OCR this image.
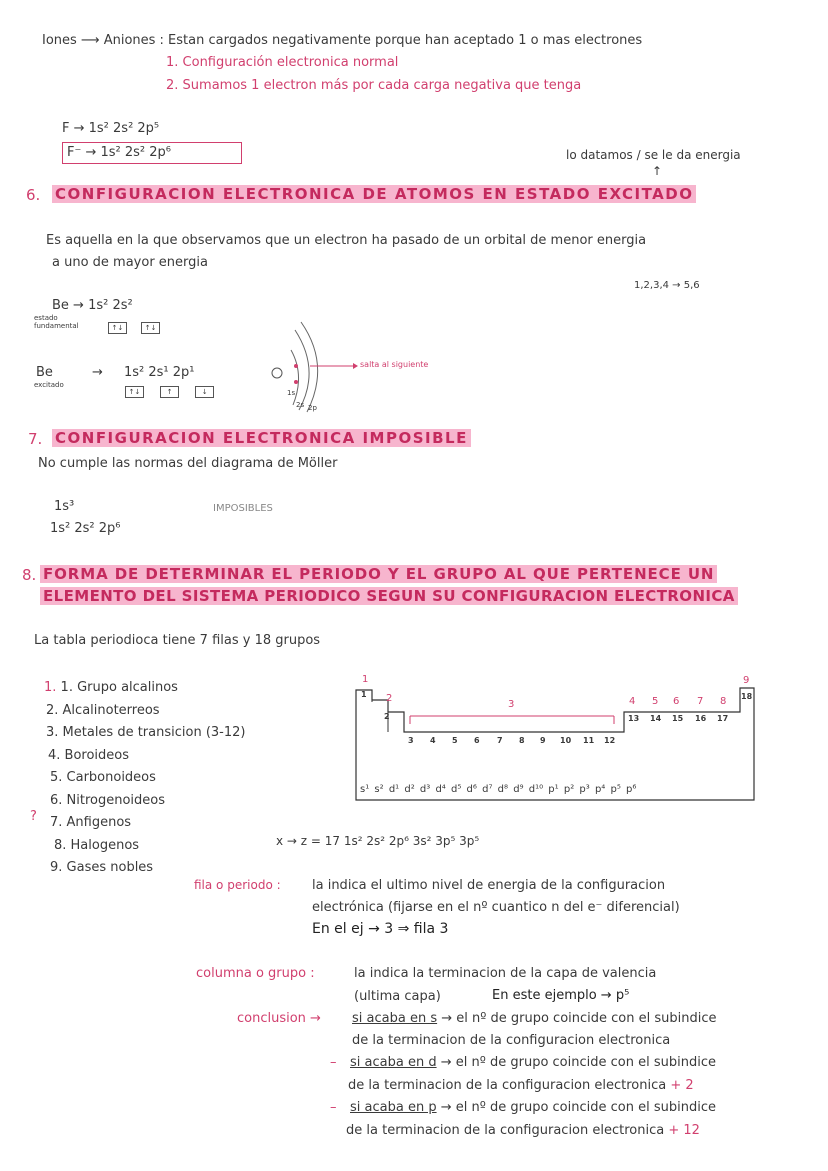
Iones ⟶ Aniones : Estan cargados negativamente porque han aceptado 1 o mas electrones
1. Configuración electronica normal
2. Sumamos 1 electron más por cada carga negativa que tenga
F → 1s² 2s² 2p⁵
F⁻ → 1s² 2s² 2p⁶	lo datamos / se le da energia
↑
6. CONFIGURACION ELECTRONICA DE ATOMOS EN ESTADO EXCITADO
Es aquella en la que observamos que un electron ha pasado de un orbital de menor energia
a uno de mayor energia
1,2,3,4 → 5,6
Be → 1s² 2s²
estado fundamental	↑↓	↑↓
Be
excitado
→ 1s² 2s¹ 2p¹
↑↓	↑	↓
salta al siguiente
1s
2s 2p
7. CONFIGURACION ELECTRONICA IMPOSIBLE
No cumple las normas del diagrama de Möller
1s³
1s² 2s² 2p⁶
IMPOSIBLES
8. FORMA DE DETERMINAR EL PERIODO Y EL GRUPO AL QUE PERTENECE UN
ELEMENTO DEL SISTEMA PERIODICO SEGUN SU CONFIGURACION ELECTRONICA
La tabla periodioca tiene 7 filas y 18 grupos
1. 1. Grupo alcalinos
2. Alcalinoterreos
3. Metales de transicion (3-12)
4. Boroideos
5. Carbonoideos
6. Nitrogenoideos
7. Anfigenos
8. Halogenos
9. Gases nobles
?
1
2
3	4 5 6 7 8
9
1
2
3 4 5 6 7 8 9 10 11 12
13 14 15 16 17
18
s¹ s² d¹ d² d³ d⁴ d⁵ d⁶ d⁷ d⁸ d⁹ d¹⁰ p¹ p² p³ p⁴ p⁵ p⁶
x → z = 17 1s² 2s² 2p⁶ 3s² 3p⁵ 3p⁵
fila o periodo : la indica el ultimo nivel de energia de la configuracion
electrónica (fijarse en el nº cuantico n del e⁻ diferencial)
En el ej → 3 ⇒ fila 3
columna o grupo :	la indica la terminacion de la capa de valencia
(ultima capa)	En este ejemplo → p⁵
conclusion → si acaba en s → el nº de grupo coincide con el subindice
de la terminacion de la configuracion electronica
– si acaba en d → el nº de grupo coincide con el subindice
de la terminacion de la configuracion electronica + 2
– si acaba en p → el nº de grupo coincide con el subindice
de la terminacion de la configuracion electronica + 12
